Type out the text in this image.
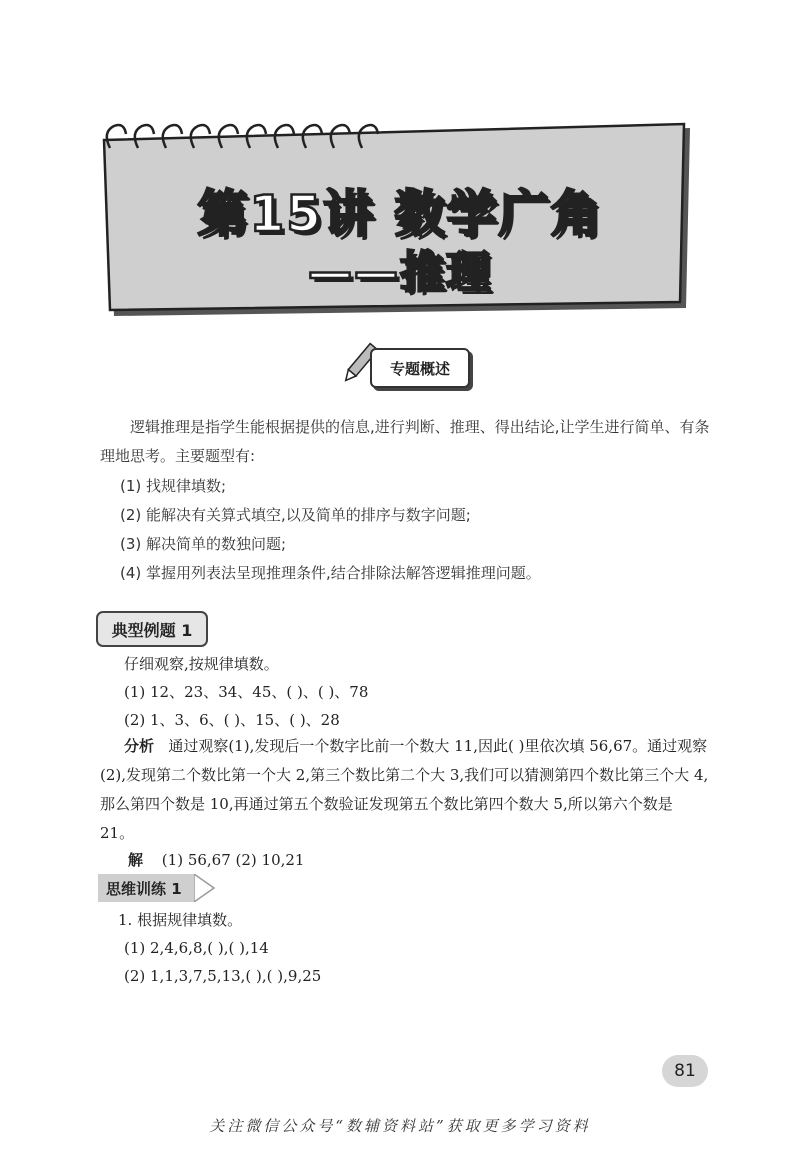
第15讲 数学广角
——推理
专题概述
逻辑推理是指学生能根据提供的信息,进行判断、推理、得出结论,让学生进行简单、有条理地思考。主要题型有:
(1) 找规律填数;
(2) 能解决有关算式填空,以及简单的排序与数字问题;
(3) 解决简单的数独问题;
(4) 掌握用列表法呈现推理条件,结合排除法解答逻辑推理问题。
典型例题 1
仔细观察,按规律填数。
(1) 12、23、34、45、( )、( )、78
(2) 1、3、6、( )、15、( )、28
分析 通过观察(1),发现后一个数字比前一个数大 11,因此( )里依次填 56,67。通过观察(2),发现第二个数比第一个大 2,第三个数比第二个大 3,我们可以猜测第四个数比第三个大 4,那么第四个数是 10,再通过第五个数验证发现第五个数比第四个数大 5,所以第六个数是 21。
解 (1) 56,67 (2) 10,21
思维训练 1
1. 根据规律填数。
(1) 2,4,6,8,( ),( ),14
(2) 1,1,3,7,5,13,( ),( ),9,25
81
关注微信公众号“数辅资料站”获取更多学习资料
